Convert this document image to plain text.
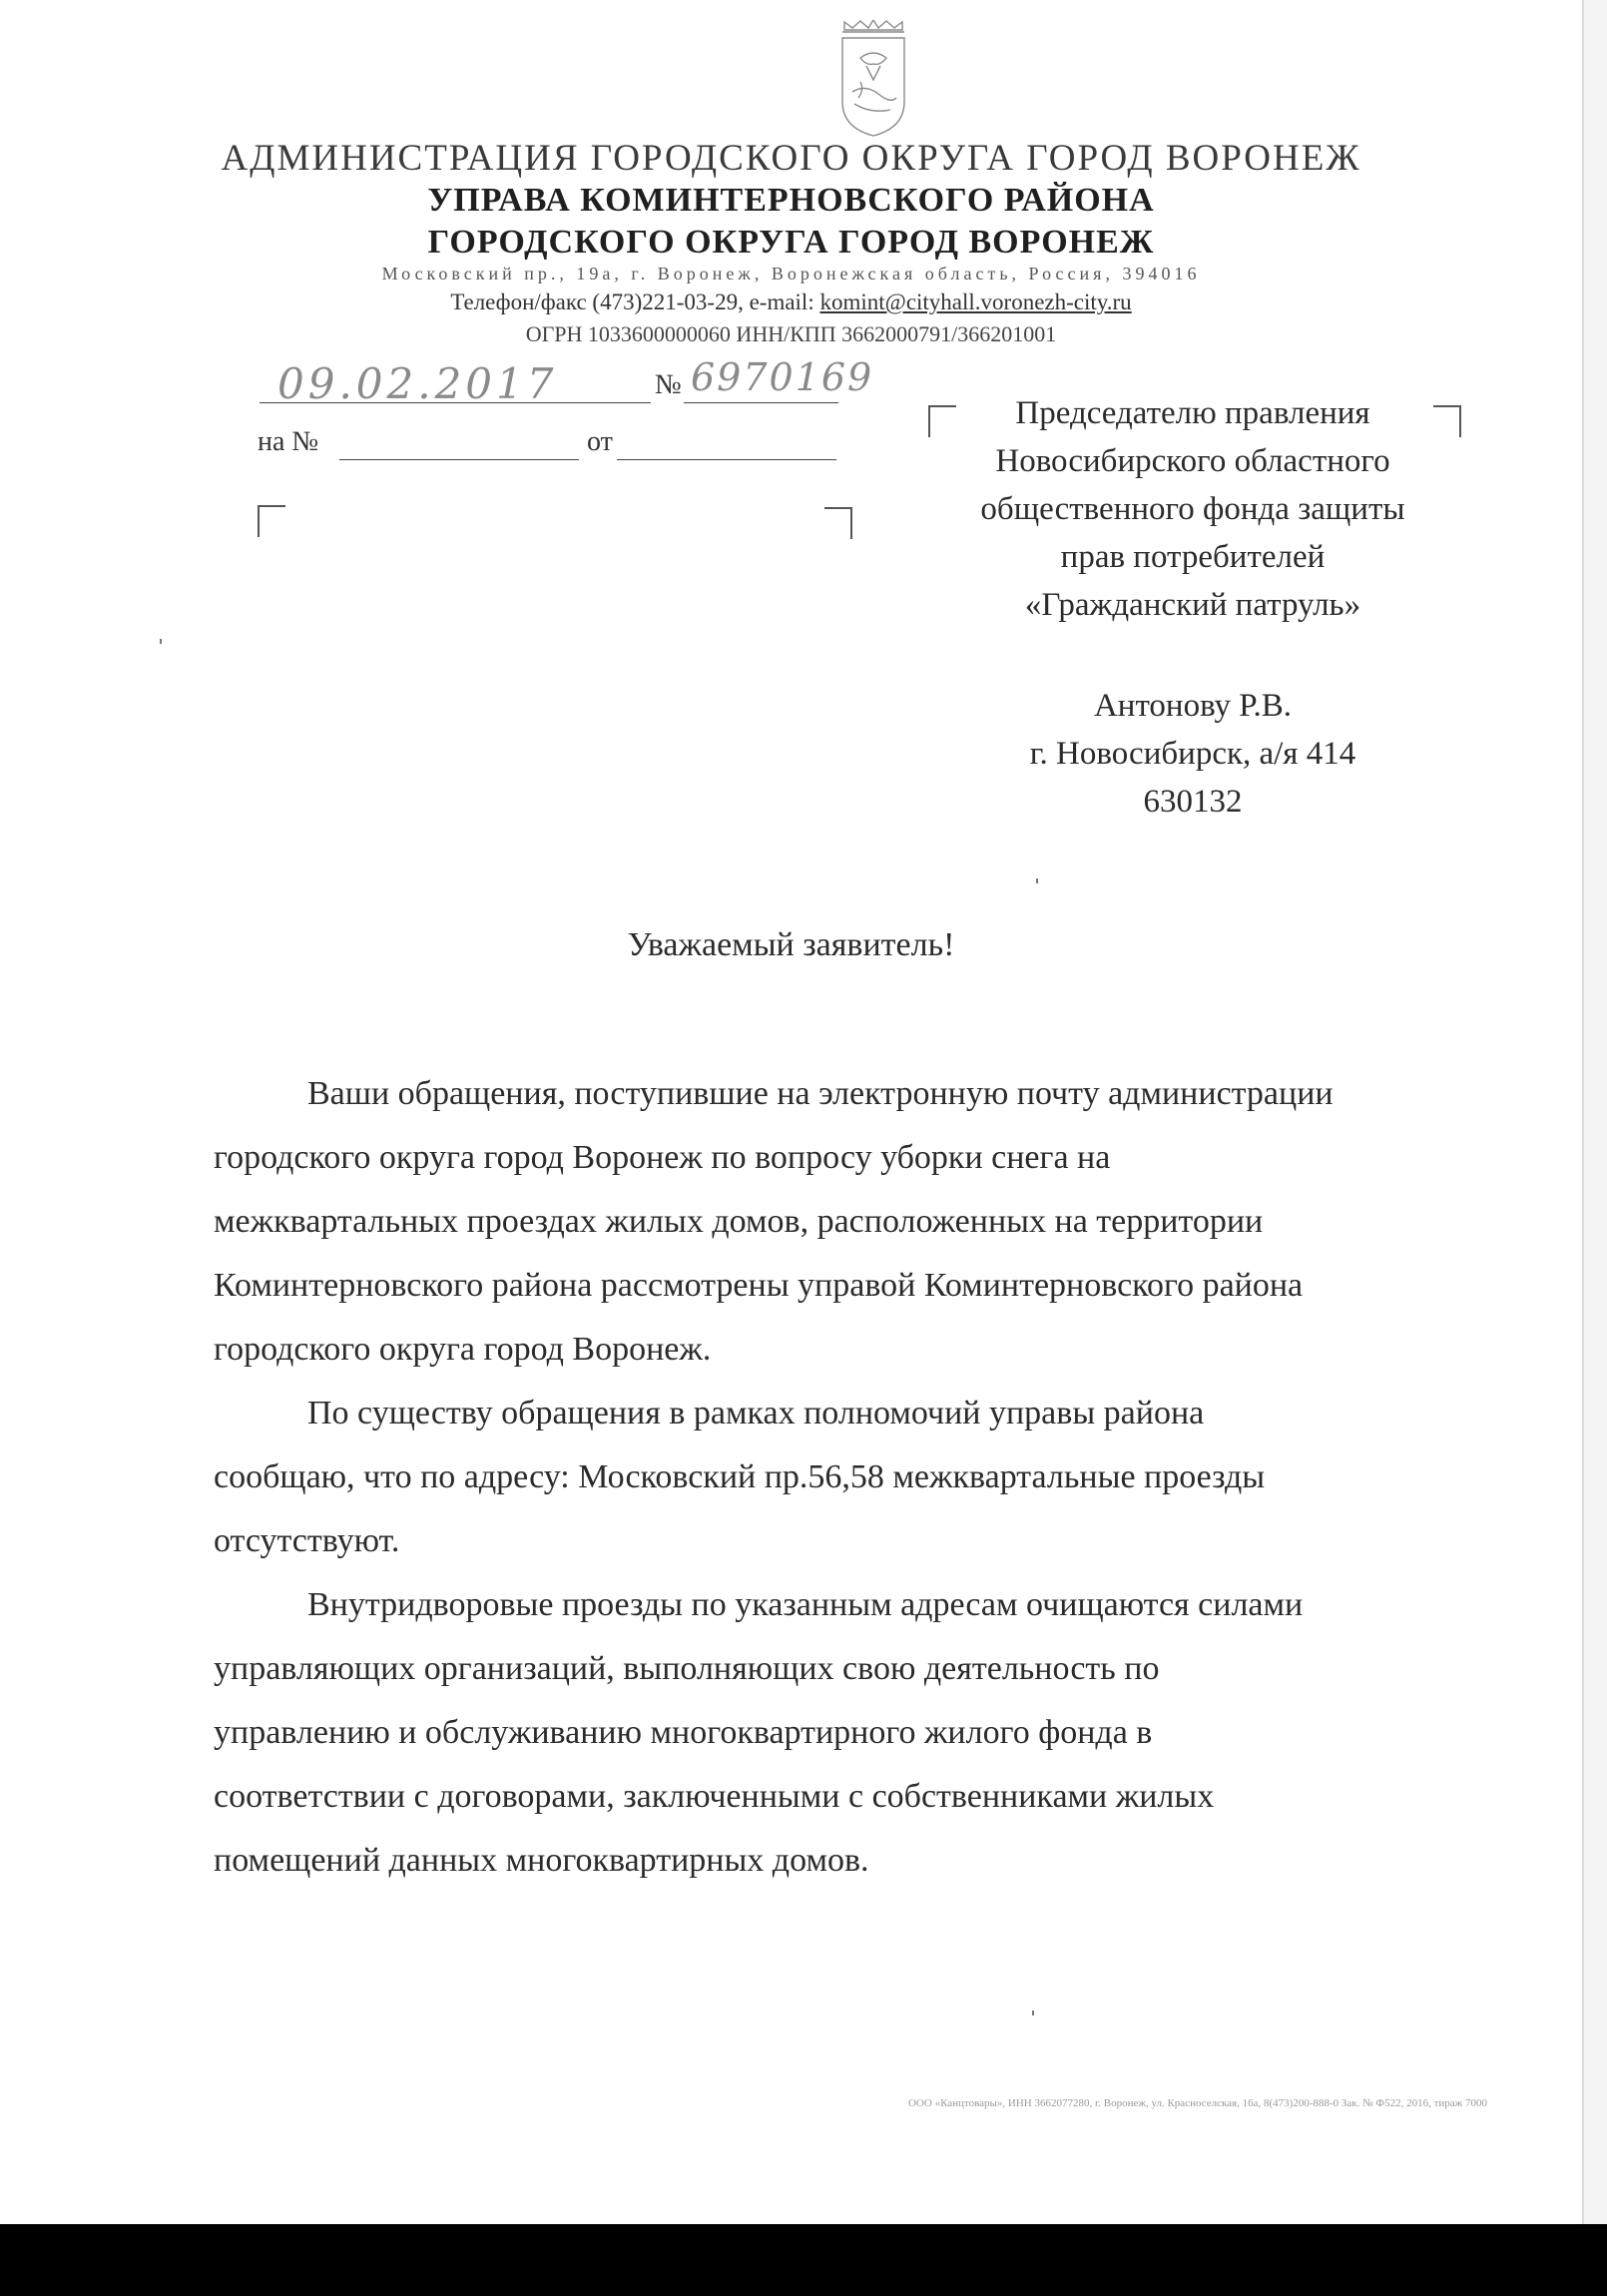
АДМИНИСТРАЦИЯ ГОРОДСКОГО ОКРУГА ГОРОД ВОРОНЕЖ
УПРАВА КОМИНТЕРНОВСКОГО РАЙОНА
ГОРОДСКОГО ОКРУГА ГОРОД ВОРОНЕЖ
Московский пр., 19а, г. Воронеж, Воронежская область, Россия, 394016
Телефон/факс (473)221-03-29, e-mail: komint@cityhall.voronezh-city.ru
ОГРН 1033600000060 ИНН/КПП 3662000791/366201001
09.02.2017	№ 6970169
на №	от
Председателю правления
Новосибирского областного
общественного фонда защиты
прав потребителей
«Гражданский патруль»
Антонову Р.В.
г. Новосибирск, а/я 414
630132
Уважаемый заявитель!

Ваши обращения, поступившие на электронную почту администрации

городского округа город Воронеж по вопросу уборки снега на

межквартальных проездах жилых домов, расположенных на территории

Коминтерновского района рассмотрены управой Коминтерновского района

городского округа город Воронеж.

По существу обращения в рамках полномочий управы района

сообщаю, что по адресу: Московский пр.56,58 межквартальные проезды

отсутствуют.

Внутридворовые проезды по указанным адресам очищаются силами

управляющих организаций, выполняющих свою деятельность по

управлению и обслуживанию многоквартирного жилого фонда в

соответствии с договорами, заключенными с собственниками жилых

помещений данных многоквартирных домов.

ООО «Канцтовары», ИНН 3662077280, г. Воронеж, ул. Красноселская, 16а, 8(473)200-888-0 Зак. № Ф522, 2016, тираж 7000
